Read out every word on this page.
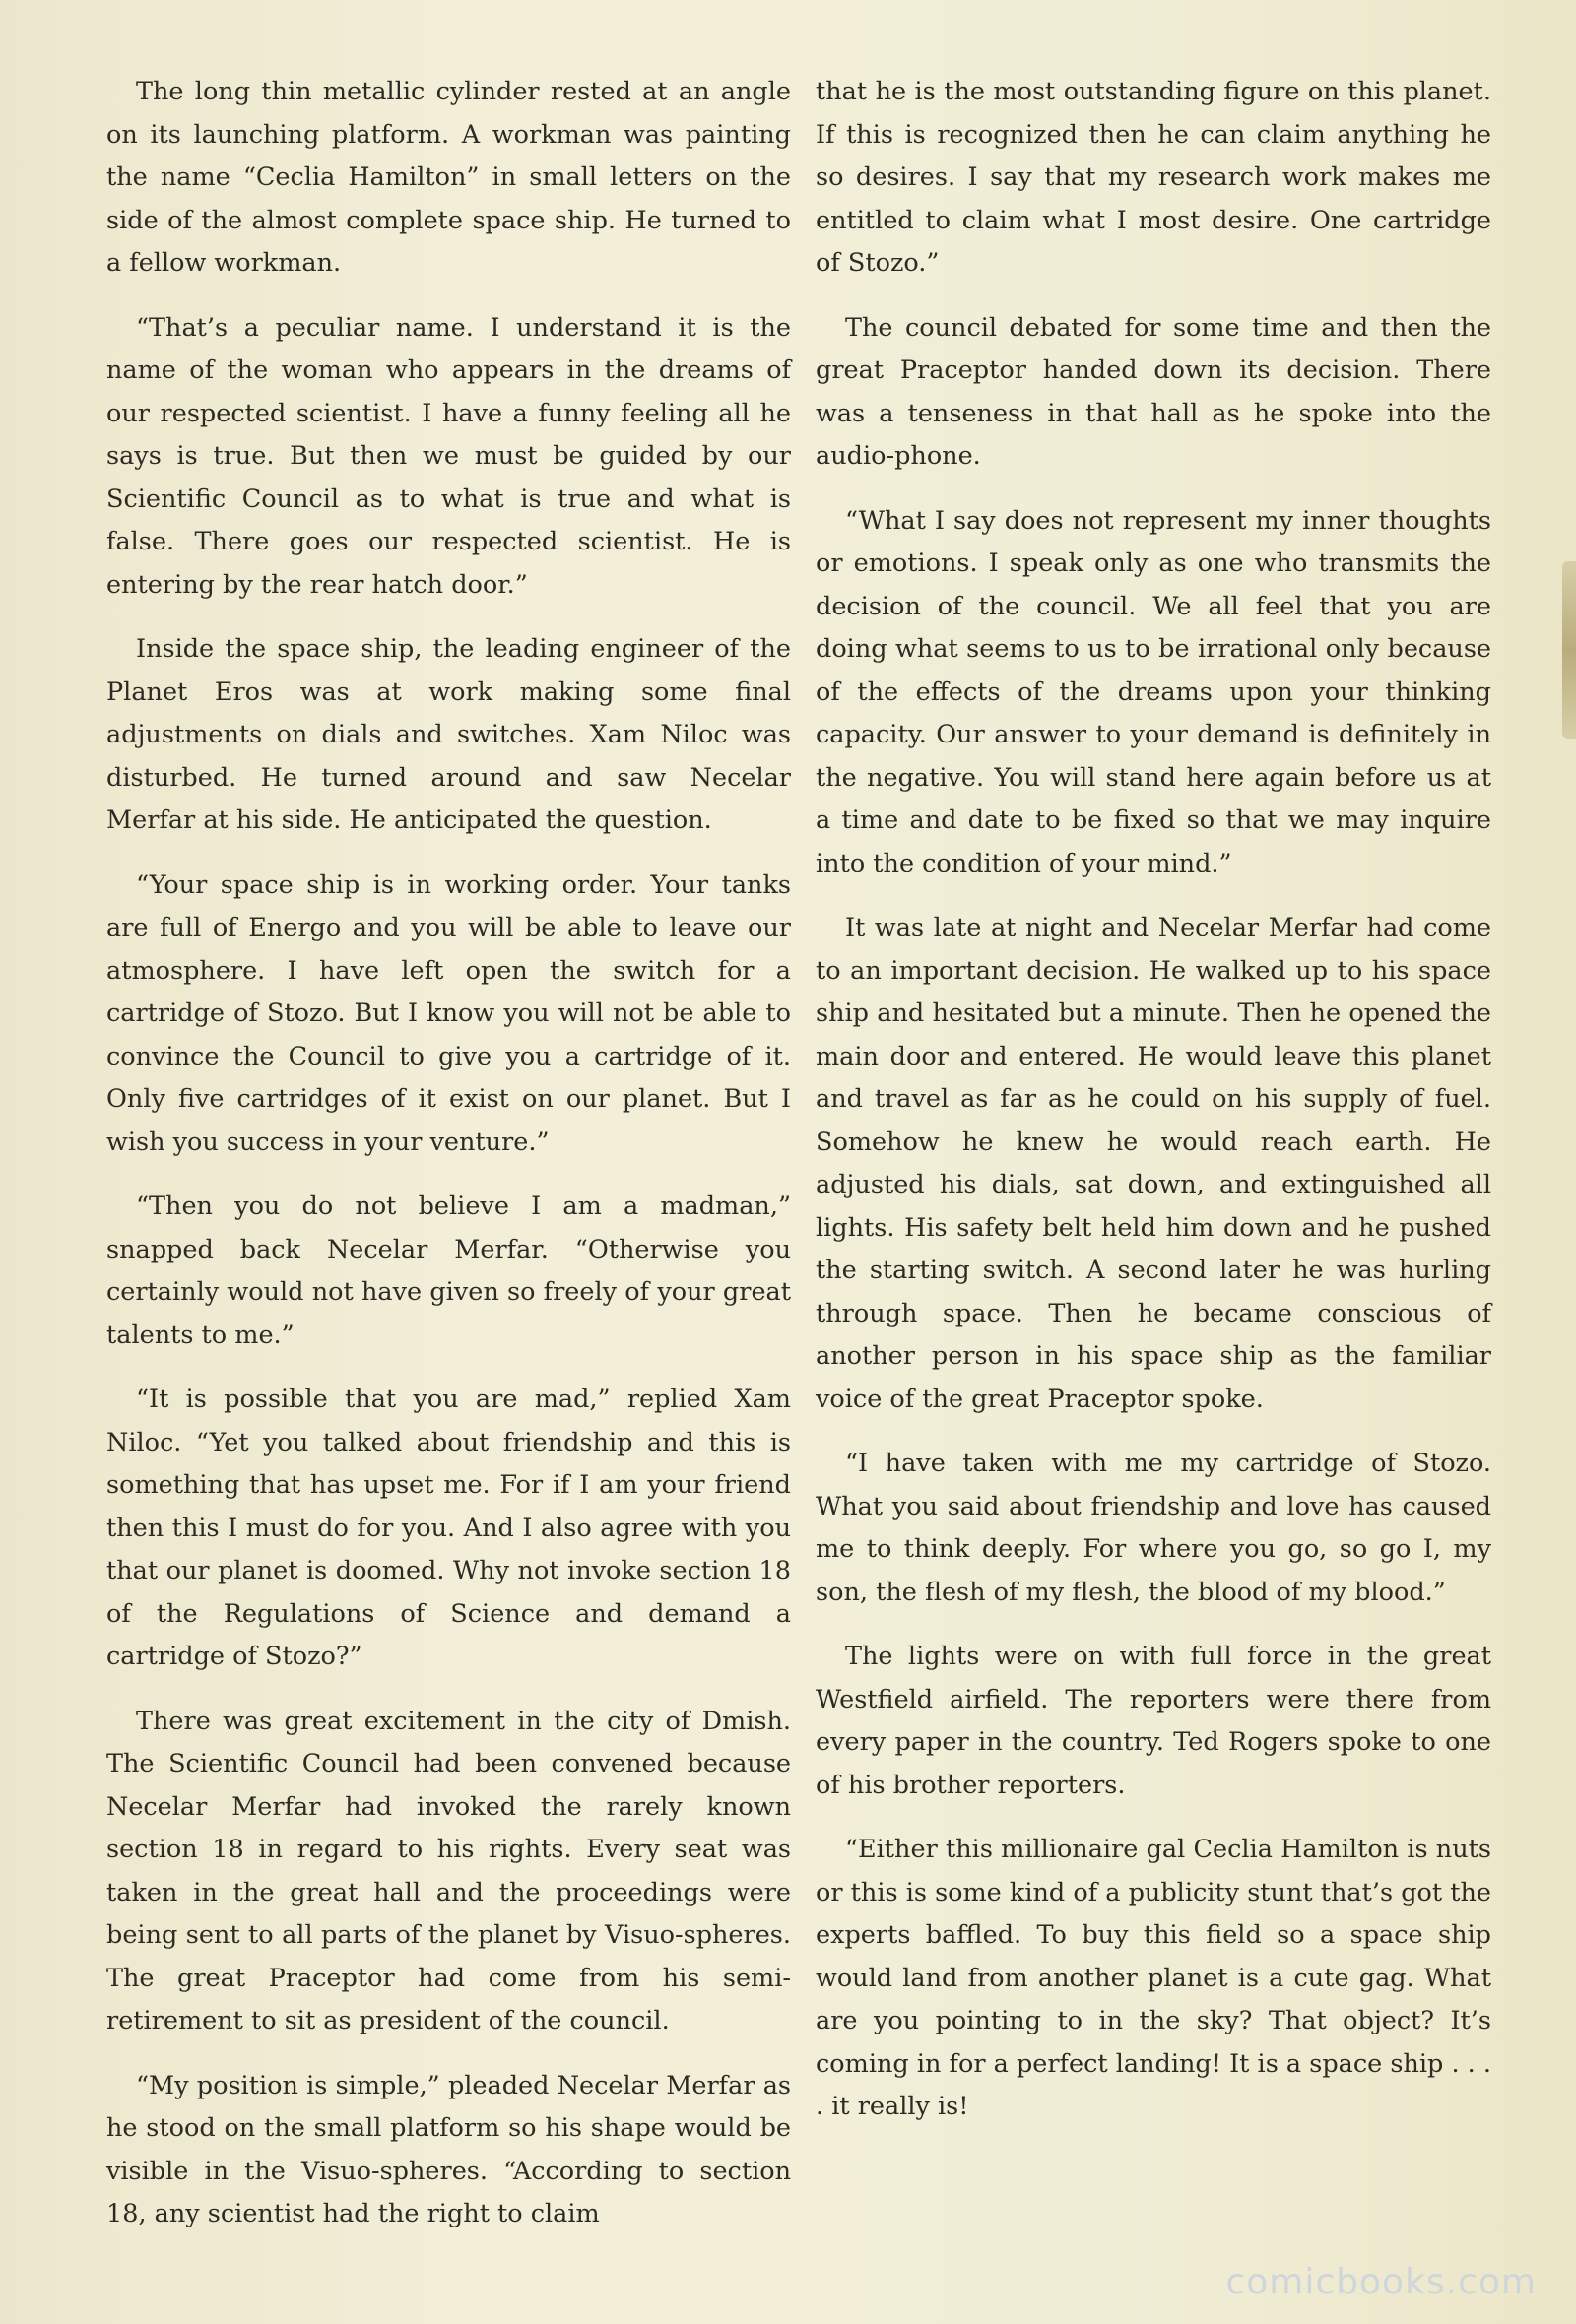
The long thin metallic cylinder rested at an angle on its launching platform. A workman was painting the name “Ceclia Hamilton” in small letters on the side of the almost complete space ship. He turned to a fellow workman.

“That’s a peculiar name. I understand it is the name of the woman who appears in the dreams of our respected scientist. I have a funny feeling all he says is true. But then we must be guided by our Scientific Council as to what is true and what is false. There goes our respected scientist. He is entering by the rear hatch door.”

Inside the space ship, the leading engineer of the Planet Eros was at work making some final adjustments on dials and switches. Xam Niloc was disturbed. He turned around and saw Necelar Merfar at his side. He anticipated the question.

“Your space ship is in working order. Your tanks are full of Energo and you will be able to leave our atmosphere. I have left open the switch for a cartridge of Stozo. But I know you will not be able to convince the Council to give you a cartridge of it. Only five cartridges of it exist on our planet. But I wish you success in your venture.”

“Then you do not believe I am a madman,” snapped back Necelar Merfar. “Otherwise you certainly would not have given so freely of your great talents to me.”

“It is possible that you are mad,” replied Xam Niloc. “Yet you talked about friendship and this is something that has upset me. For if I am your friend then this I must do for you. And I also agree with you that our planet is doomed. Why not invoke section 18 of the Regulations of Science and demand a cartridge of Stozo?”

There was great excitement in the city of Dmish. The Scientific Council had been convened because Necelar Merfar had invoked the rarely known section 18 in regard to his rights. Every seat was taken in the great hall and the proceedings were being sent to all parts of the planet by Visuo-spheres. The great Praceptor had come from his semi-retirement to sit as president of the council.

“My position is simple,” pleaded Necelar Merfar as he stood on the small platform so his shape would be visible in the Visuo-spheres. “According to section 18, any scientist had the right to claim

that he is the most outstanding figure on this planet. If this is recognized then he can claim anything he so desires. I say that my research work makes me entitled to claim what I most desire. One cartridge of Stozo.”

The council debated for some time and then the great Praceptor handed down its decision. There was a tenseness in that hall as he spoke into the audio-phone.

“What I say does not represent my inner thoughts or emotions. I speak only as one who transmits the decision of the council. We all feel that you are doing what seems to us to be irrational only because of the effects of the dreams upon your thinking capacity. Our answer to your demand is definitely in the negative. You will stand here again before us at a time and date to be fixed so that we may inquire into the condition of your mind.”

It was late at night and Necelar Merfar had come to an important decision. He walked up to his space ship and hesitated but a minute. Then he opened the main door and entered. He would leave this planet and travel as far as he could on his supply of fuel. Somehow he knew he would reach earth. He adjusted his dials, sat down, and extinguished all lights. His safety belt held him down and he pushed the starting switch. A second later he was hurling through space. Then he became conscious of another person in his space ship as the familiar voice of the great Praceptor spoke.

“I have taken with me my cartridge of Stozo. What you said about friendship and love has caused me to think deeply. For where you go, so go I, my son, the flesh of my flesh, the blood of my blood.”

The lights were on with full force in the great Westfield airfield. The reporters were there from every paper in the country. Ted Rogers spoke to one of his brother reporters.

“Either this millionaire gal Ceclia Hamilton is nuts or this is some kind of a publicity stunt that’s got the experts baffled. To buy this field so a space ship would land from another planet is a cute gag. What are you pointing to in the sky? That object? It’s coming in for a perfect landing! It is a space ship . . . . it really is!

comicbooks.com
